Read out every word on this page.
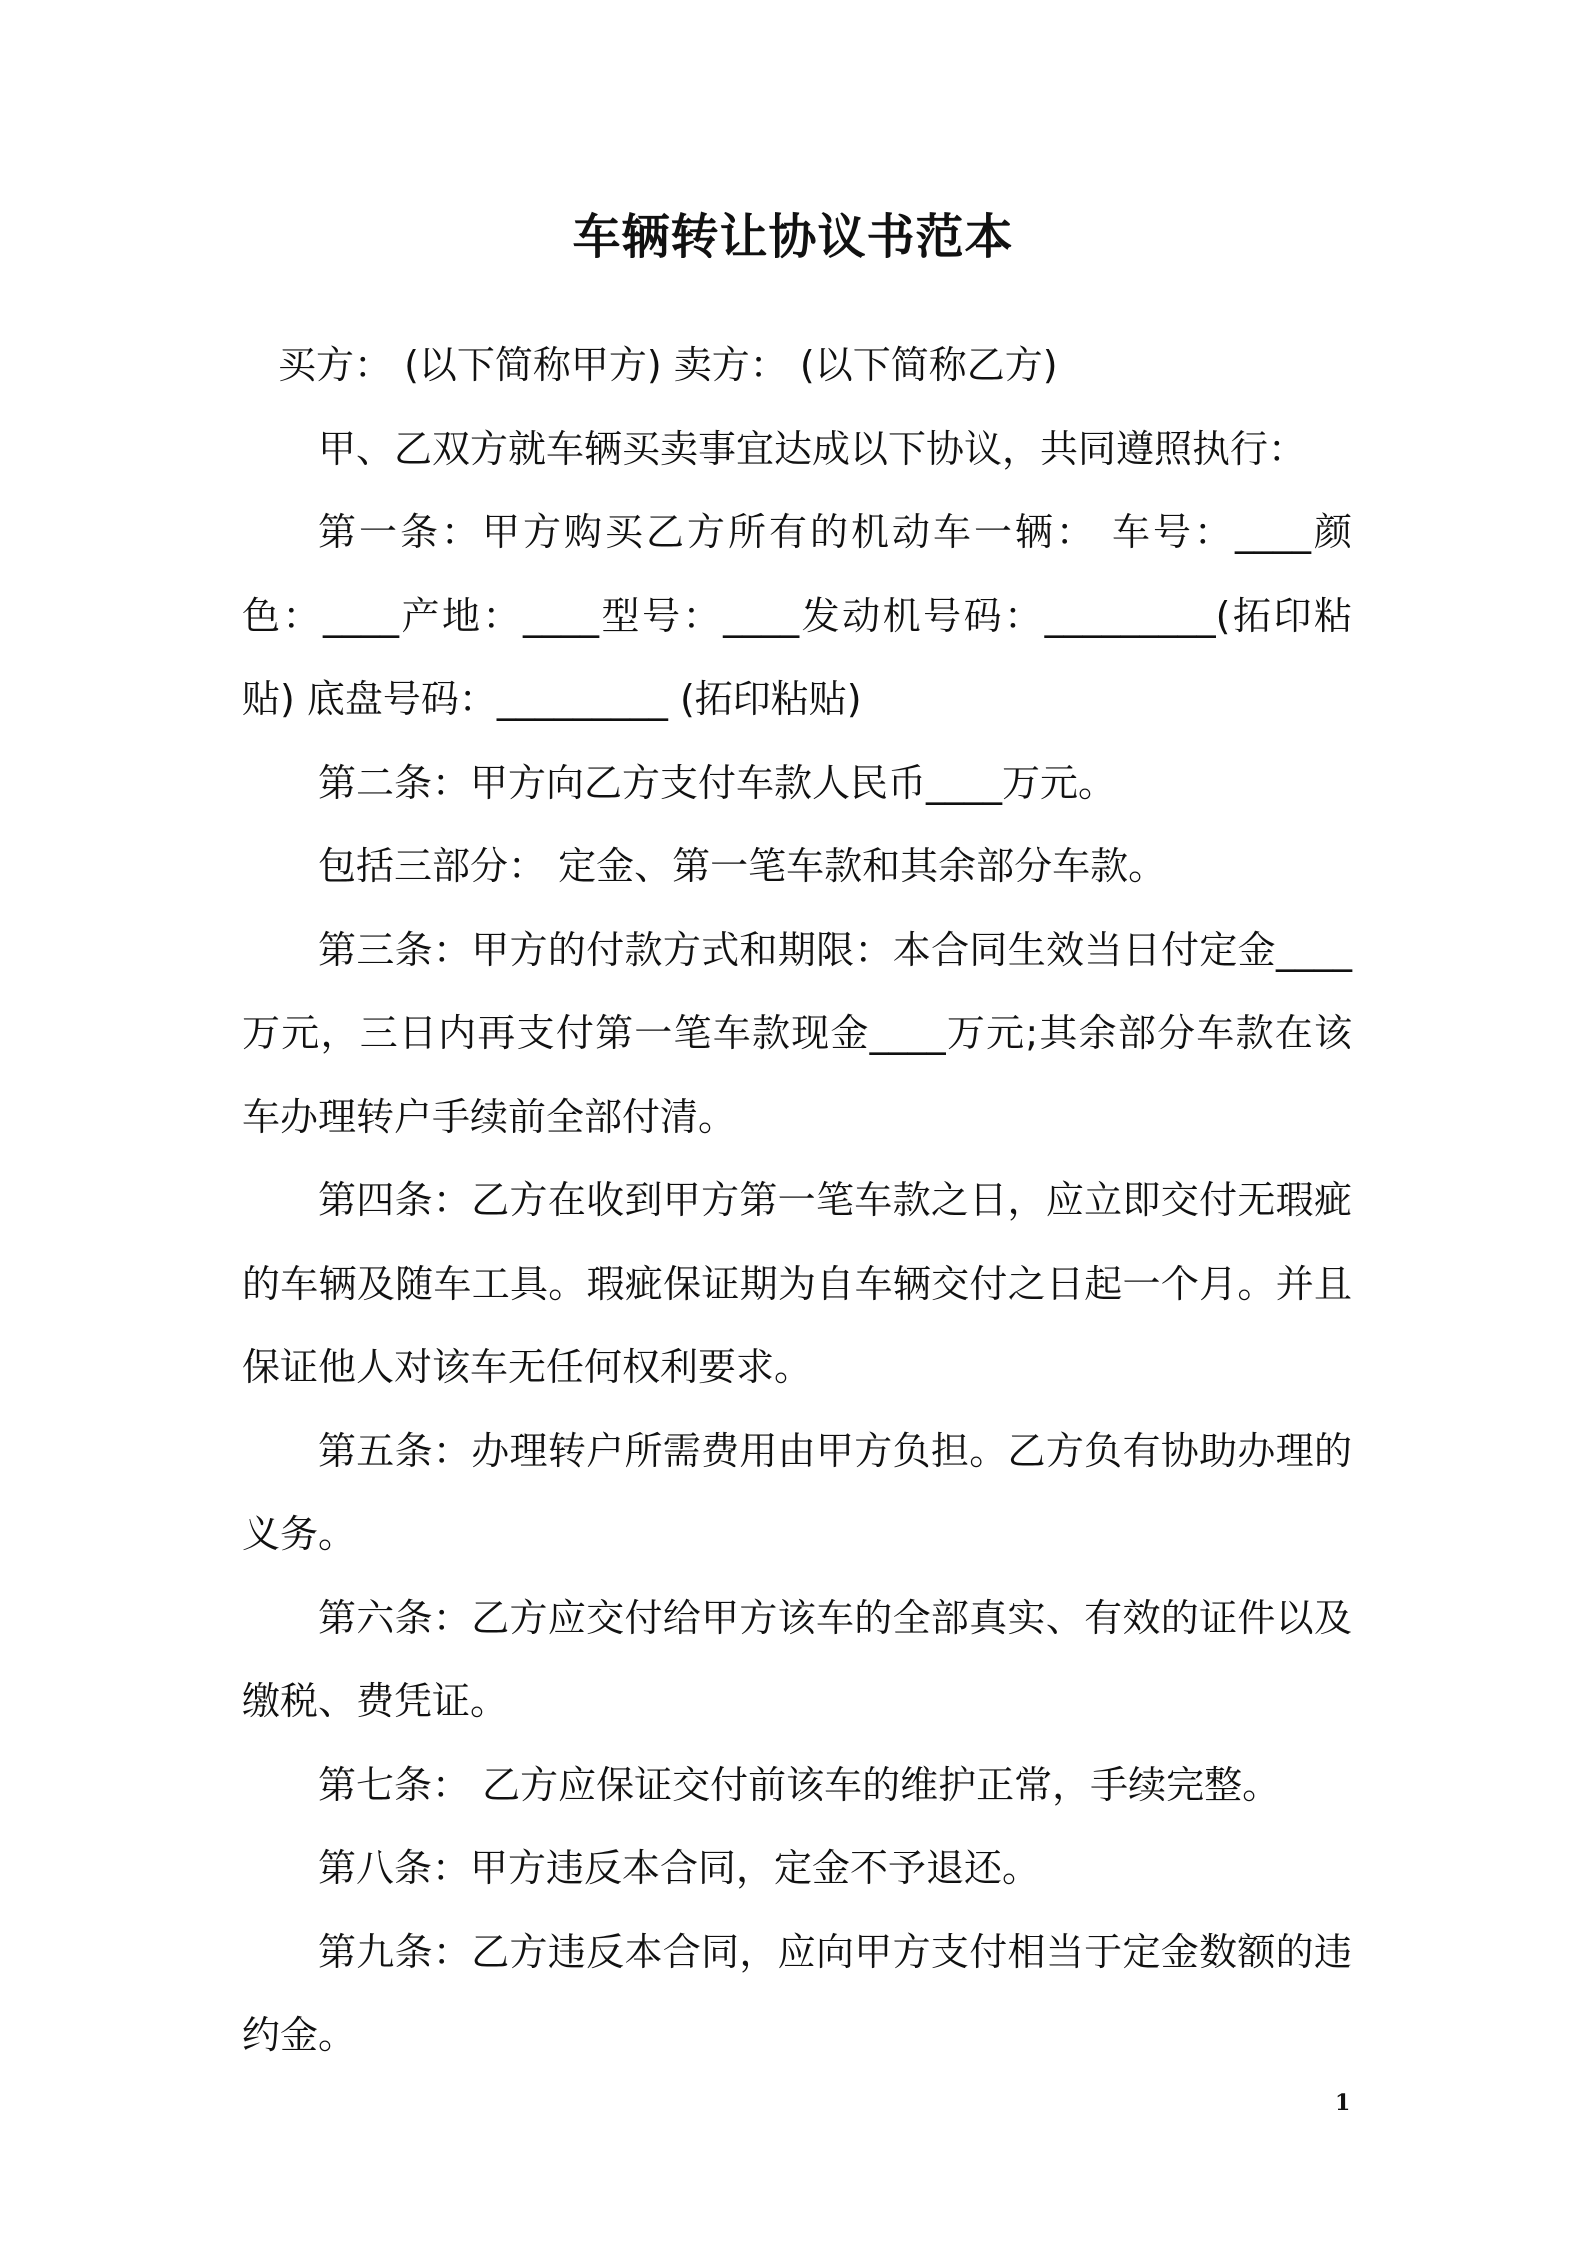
车辆转让协议书范本

买方： (以下简称甲方) 卖方： (以下简称乙方)

甲、乙双方就车辆买卖事宜达成以下协议，共同遵照执行：

第一条：甲方购买乙方所有的机动车一辆： 车号：____颜色：____产地：____型号：____发动机号码：_________(拓印粘贴) 底盘号码：_________ (拓印粘贴)

第二条：甲方向乙方支付车款人民币____万元。

包括三部分： 定金、第一笔车款和其余部分车款。

第三条：甲方的付款方式和期限：本合同生效当日付定金____万元，三日内再支付第一笔车款现金____万元;其余部分车款在该车办理转户手续前全部付清。

第四条：乙方在收到甲方第一笔车款之日，应立即交付无瑕疵的车辆及随车工具。瑕疵保证期为自车辆交付之日起一个月。并且保证他人对该车无任何权利要求。

第五条：办理转户所需费用由甲方负担。乙方负有协助办理的义务。

第六条：乙方应交付给甲方该车的全部真实、有效的证件以及缴税、费凭证。

第七条： 乙方应保证交付前该车的维护正常，手续完整。

第八条：甲方违反本合同，定金不予退还。

第九条：乙方违反本合同，应向甲方支付相当于定金数额的违约金。

1
